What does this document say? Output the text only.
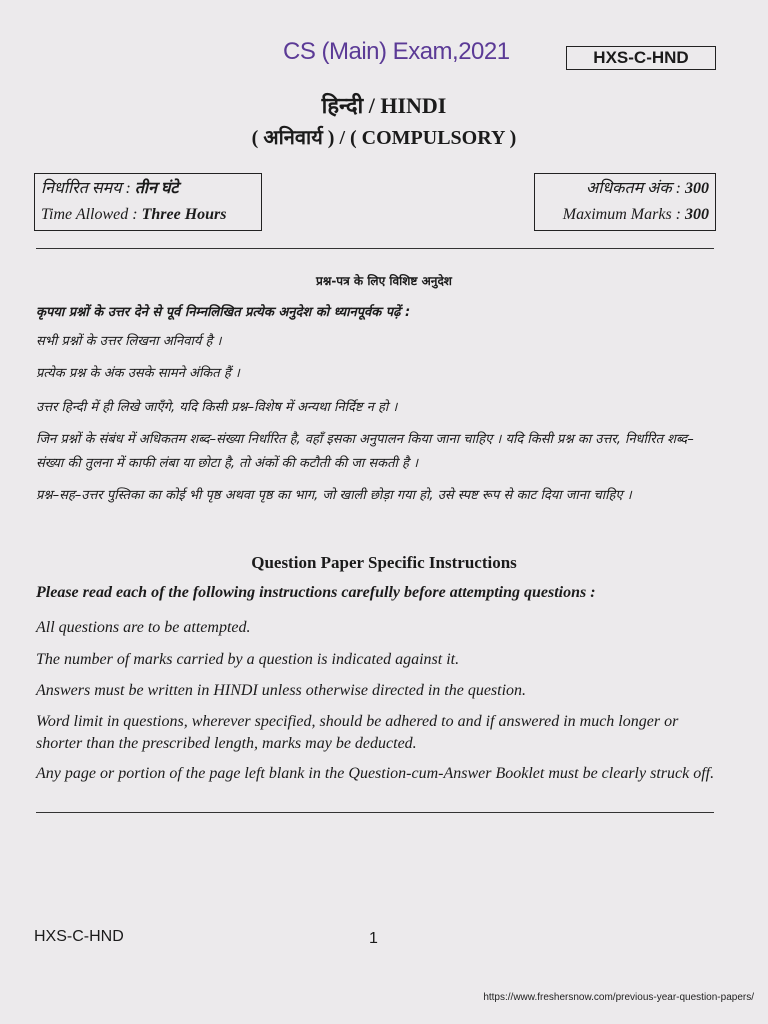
CS (Main) Exam,2021	HXS-C-HND
हिन्दी / HINDI
( अनिवार्य ) / ( COMPULSORY )
निर्धारित समय : तीन घंटे
Time Allowed : Three Hours
अधिकतम अंक : 300
Maximum Marks : 300
प्रश्न-पत्र के लिए विशिष्ट अनुदेश
कृपया प्रश्नों के उत्तर देने से पूर्व निम्नलिखित प्रत्येक अनुदेश को ध्यानपूर्वक पढ़ें :
सभी प्रश्नों के उत्तर लिखना अनिवार्य है ।
प्रत्येक प्रश्न के अंक उसके सामने अंकित हैं ।
उत्तर हिन्दी में ही लिखे जाएँगे, यदि किसी प्रश्न–विशेष में अन्यथा निर्दिष्ट न हो ।
जिन प्रश्नों के संबंध में अधिकतम शब्द–संख्या निर्धारित है, वहाँ इसका अनुपालन किया जाना चाहिए । यदि किसी प्रश्न का उत्तर, निर्धारित शब्द–संख्या की तुलना में काफी लंबा या छोटा है, तो अंकों की कटौती की जा सकती है ।
प्रश्न–सह–उत्तर पुस्तिका का कोई भी पृष्ठ अथवा पृष्ठ का भाग, जो खाली छोड़ा गया हो, उसे स्पष्ट रूप से काट दिया जाना चाहिए ।
Question Paper Specific Instructions
Please read each of the following instructions carefully before attempting questions :
All questions are to be attempted.
The number of marks carried by a question is indicated against it.
Answers must be written in HINDI unless otherwise directed in the question.
Word limit in questions, wherever specified, should be adhered to and if answered in much longer or shorter than the prescribed length, marks may be deducted.
Any page or portion of the page left blank in the Question-cum-Answer Booklet must be clearly struck off.
HXS-C-HND	1
https://www.freshersnow.com/previous-year-question-papers/
